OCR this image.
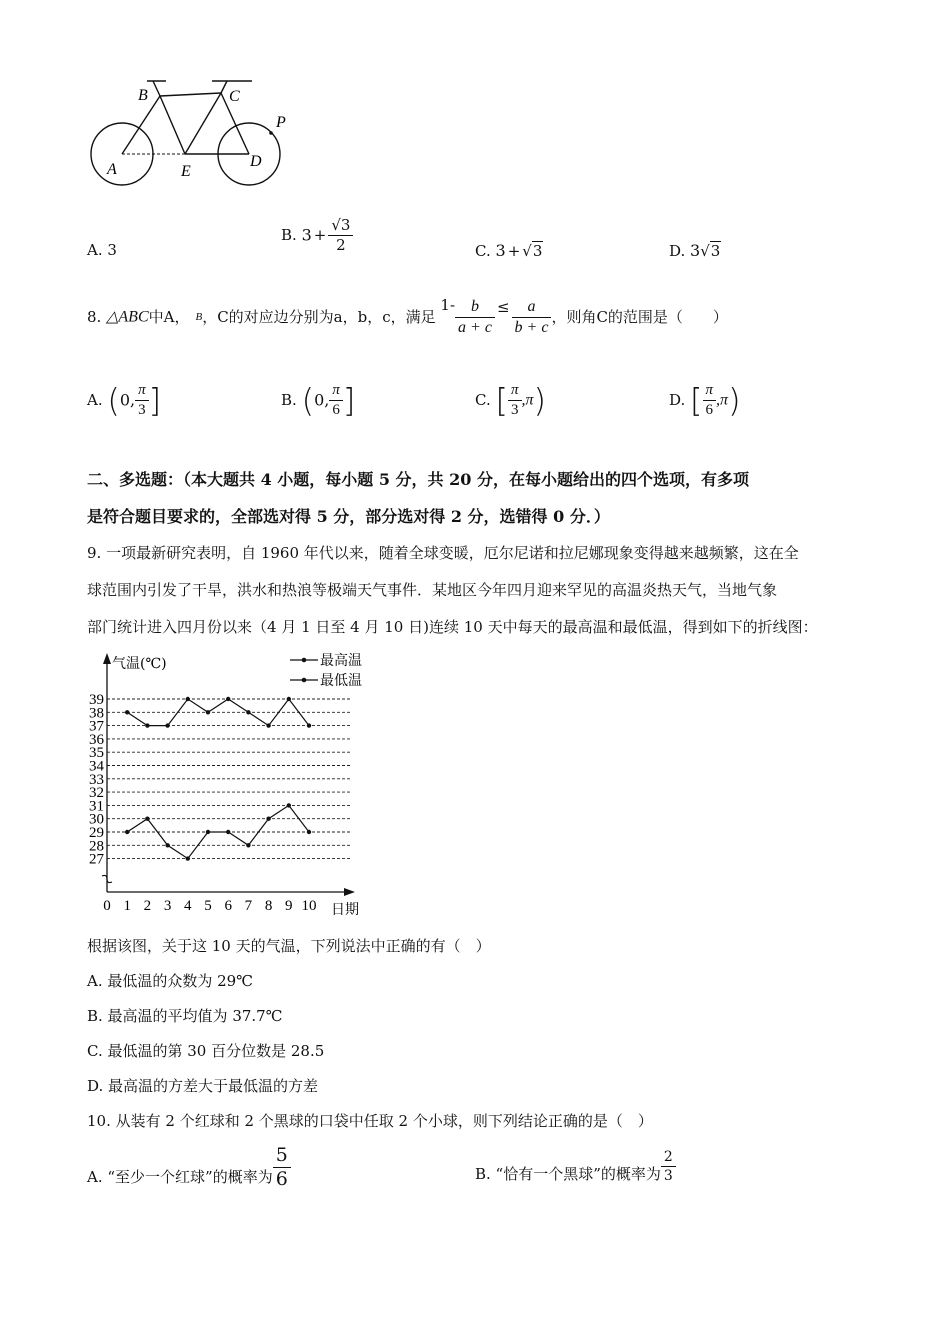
B	C
P
A	E
D
A. 3
B. $3 + \frac{√3}{2}$	C. 3 + √3	D. 3√3
8. △ABC中A， B，C的对应边分别为a，b，c，满足 $1- \frac{b}{a + c} \le \frac{a}{b + c}$ ，则角C的范围是（　　）
A. (0, $\frac{\pi}{3}$ ]	B. (0, $\frac{\pi}{6}$ ]	C. [ $\frac{\pi}{3} ,\pi$)	D. [ $\frac{\pi}{6} ,\pi$)
二、多选题：（本大题共 4 小题，每小题 5 分，共 20 分，在每小题给出的四个选项，有多项
是符合题目要求的，全部选对得 5 分，部分选对得 2 分，选错得 0 分．）
9. 一项最新研究表明，自 1960 年代以来，随着全球变暖，厄尔尼诺和拉尼娜现象变得越来越频繁，这在全
球范围内引发了干旱，洪水和热浪等极端天气事件．某地区今年四月迎来罕见的高温炎热天气，当地气象
部门统计进入四月份以来（4 月 1 日至 4 月 10 日)连续 10 天中每天的最高温和最低温，得到如下的折线图：
气温(℃)
日期
39
38
37
36
35
34
33
32
31
30
29
28
27
0 1 2 3 4 5 6 7 8 9 10
最高温
最低温
根据该图，关于这 10 天的气温，下列说法中正确的有（　）
A. 最低温的众数为 29℃
B. 最高温的平均值为 37.7℃
C. 最低温的第 30 百分位数是 28.5
D. 最高温的方差大于最低温的方差
10. 从装有 2 个红球和 2 个黑球的口袋中任取 2 个小球，则下列结论正确的是（　）
A. “至少一个红球”的概率为 $\frac{5}{6}$	B. “恰有一个黑球”的概率为 $\frac{2}{3}$
